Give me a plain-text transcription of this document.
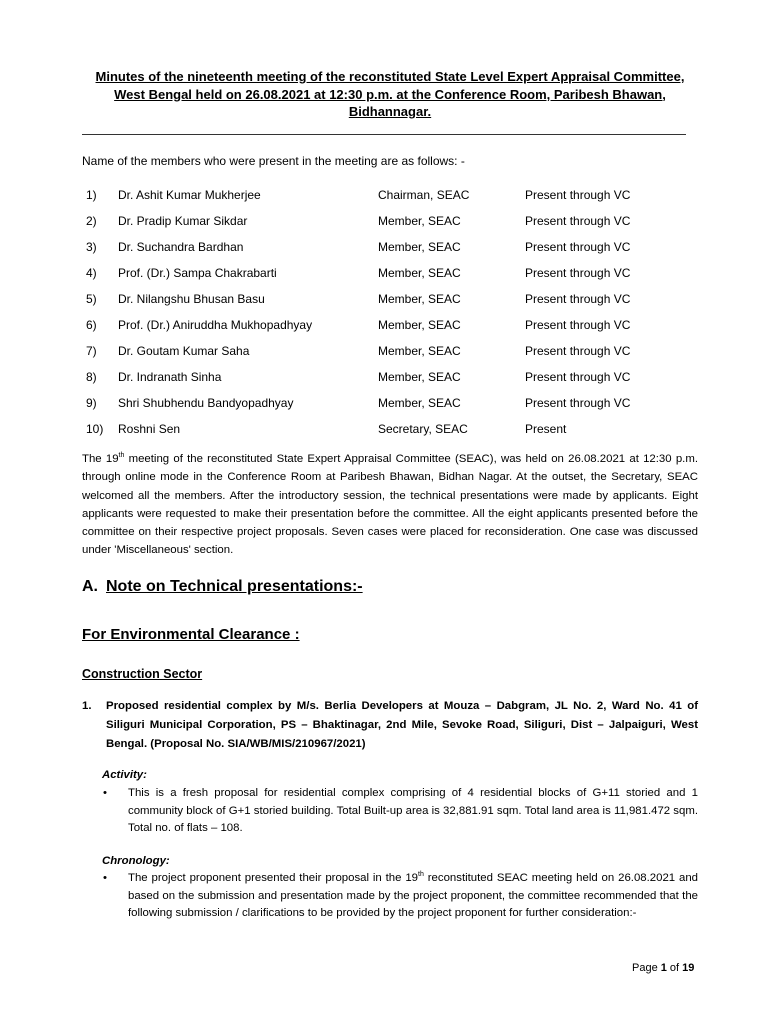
Minutes of the nineteenth meeting of the reconstituted State Level Expert Appraisal Committee, West Bengal held on 26.08.2021 at 12:30 p.m. at the Conference Room, Paribesh Bhawan, Bidhannagar.
Name of the members who were present in the meeting are as follows: -
1)	Dr. Ashit Kumar Mukherjee	Chairman, SEAC	Present through VC
2)	Dr. Pradip Kumar Sikdar	Member, SEAC	Present through VC
3)	Dr. Suchandra Bardhan	Member, SEAC	Present through VC
4)	Prof. (Dr.) Sampa Chakrabarti	Member, SEAC	Present through VC
5)	Dr. Nilangshu Bhusan Basu	Member, SEAC	Present through VC
6)	Prof. (Dr.) Aniruddha Mukhopadhyay	Member, SEAC	Present through VC
7)	Dr. Goutam Kumar Saha	Member, SEAC	Present through VC
8)	Dr. Indranath Sinha	Member, SEAC	Present through VC
9)	Shri Shubhendu Bandyopadhyay	Member, SEAC	Present through VC
10)	Roshni Sen	Secretary, SEAC	Present
The 19th meeting of the reconstituted State Expert Appraisal Committee (SEAC), was held on 26.08.2021 at 12:30 p.m. through online mode in the Conference Room at Paribesh Bhawan, Bidhan Nagar. At the outset, the Secretary, SEAC welcomed all the members. After the introductory session, the technical presentations were made by applicants. Eight applicants were requested to make their presentation before the committee. All the eight applicants presented before the committee on their respective project proposals. Seven cases were placed for reconsideration. One case was discussed under 'Miscellaneous' section.
A. Note on Technical presentations:-
For Environmental Clearance :
Construction Sector
1. Proposed residential complex by M/s. Berlia Developers at Mouza – Dabgram, JL No. 2, Ward No. 41 of Siliguri Municipal Corporation, PS – Bhaktinagar, 2nd Mile, Sevoke Road, Siliguri, Dist – Jalpaiguri, West Bengal. (Proposal No. SIA/WB/MIS/210967/2021)
Activity:
• This is a fresh proposal for residential complex comprising of 4 residential blocks of G+11 storied and 1 community block of G+1 storied building. Total Built-up area is 32,881.91 sqm. Total land area is 11,981.472 sqm. Total no. of flats – 108.
Chronology:
• The project proponent presented their proposal in the 19th reconstituted SEAC meeting held on 26.08.2021 and based on the submission and presentation made by the project proponent, the committee recommended that the following submission / clarifications to be provided by the project proponent for further consideration:-
Page 1 of 19
